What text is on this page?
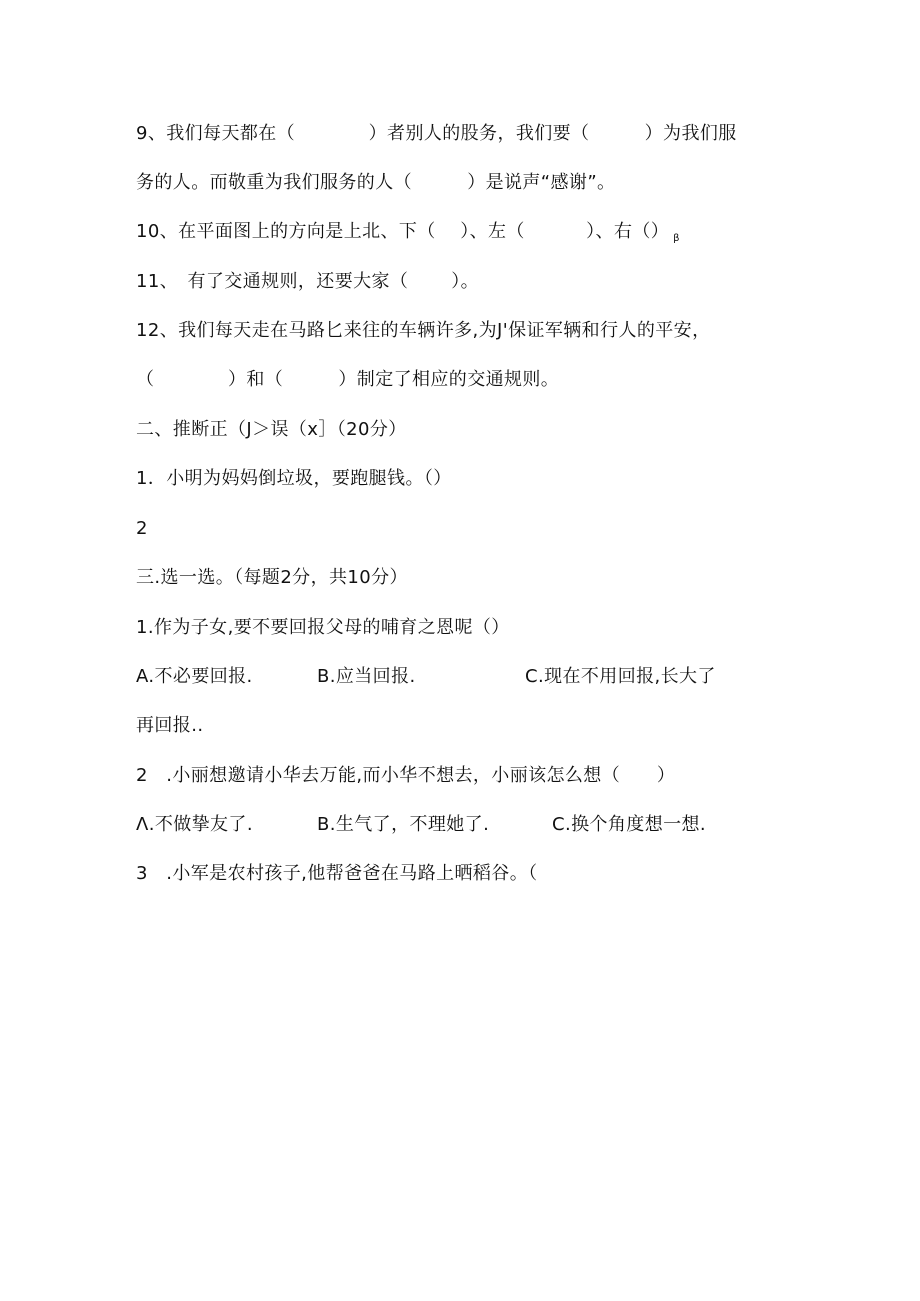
9、我们每天都在（　　　　）者别人的股务，我们要（　　　）为我们服
务的人。而敬重为我们服务的人（　　　）是说声“感谢”。
10、在平面图上的方向是上北、下（　 ）、左（　　　 ）、右（） $_\beta$
11、　有了交通规则，还要大家（　　 ）。
12、我们每天走在马路匕来往的车辆许多,为J'保证军辆和行人的平安，
（　　　　）和（　　　）制定了相应的交通规则。
二、推断正（J＞误（x］（20分）
1．小明为妈妈倒垃圾，要跑腿钱。（）
2
三.选一选。（每题2分，共10分）
1.作为子女,要不要回报父母的哺育之恩呢（）
A.不必要回报.	B.应当回报.	C.现在不用回报,长大了
再回报..
2　.小丽想邀请小华去万能,而小华不想去，小丽该怎么想（　　）
Λ.不做挚友了.	B.生气了，不理她了.	C.换个角度想一想.
3　.小军是农村孩子,他帮爸爸在马路上晒稻谷。（
